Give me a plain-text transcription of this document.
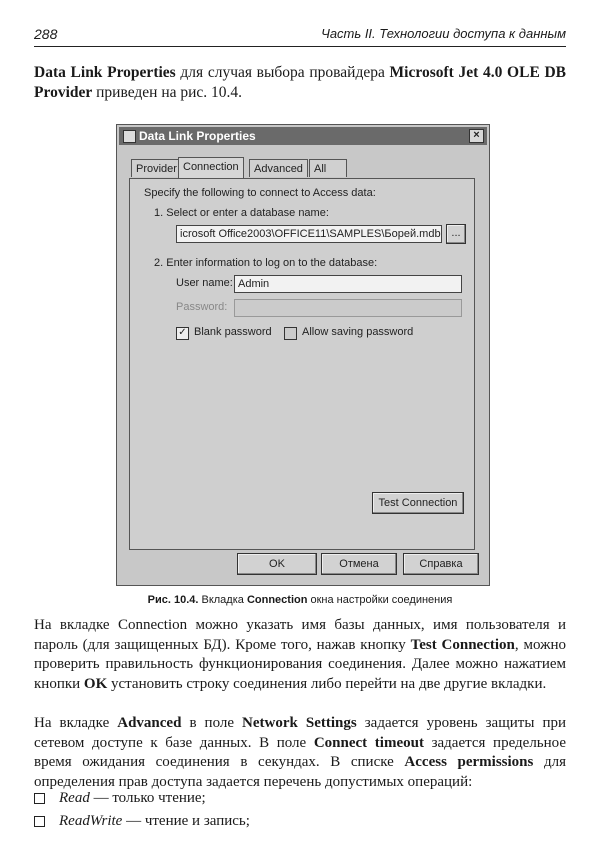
288	Часть II. Технологии доступа к данным
Data Link Properties для случая выбора провайдера Microsoft Jet 4.0 OLE DB Provider приведен на рис. 10.4.
Data Link Properties	×
Provider Connection	Advanced	All
Specify the following to connect to Access data:
1. Select or enter a database name:
icrosoft Office2003\OFFICE11\SAMPLES\Борей.mdb ...
2. Enter information to log on to the database:
User name: Admin
Password:
✓ Blank password	Allow saving password
Test Connection
OK	Отмена	Справка
Рис. 10.4. Вкладка Connection окна настройки соединения
На вкладке Connection можно указать имя базы данных, имя пользователя и пароль (для защищенных БД). Кроме того, нажав кнопку Test Connection, можно проверить правильность функционирования соединения. Далее можно нажатием кнопки OK установить строку соединения либо перейти на две другие вкладки.
На вкладке Advanced в поле Network Settings задается уровень защиты при сетевом доступе к базе данных. В поле Connect timeout задается предельное время ожидания соединения в секундах. В списке Access permissions для определения прав доступа задается перечень допустимых операций:
Read — только чтение;
ReadWrite — чтение и запись;
